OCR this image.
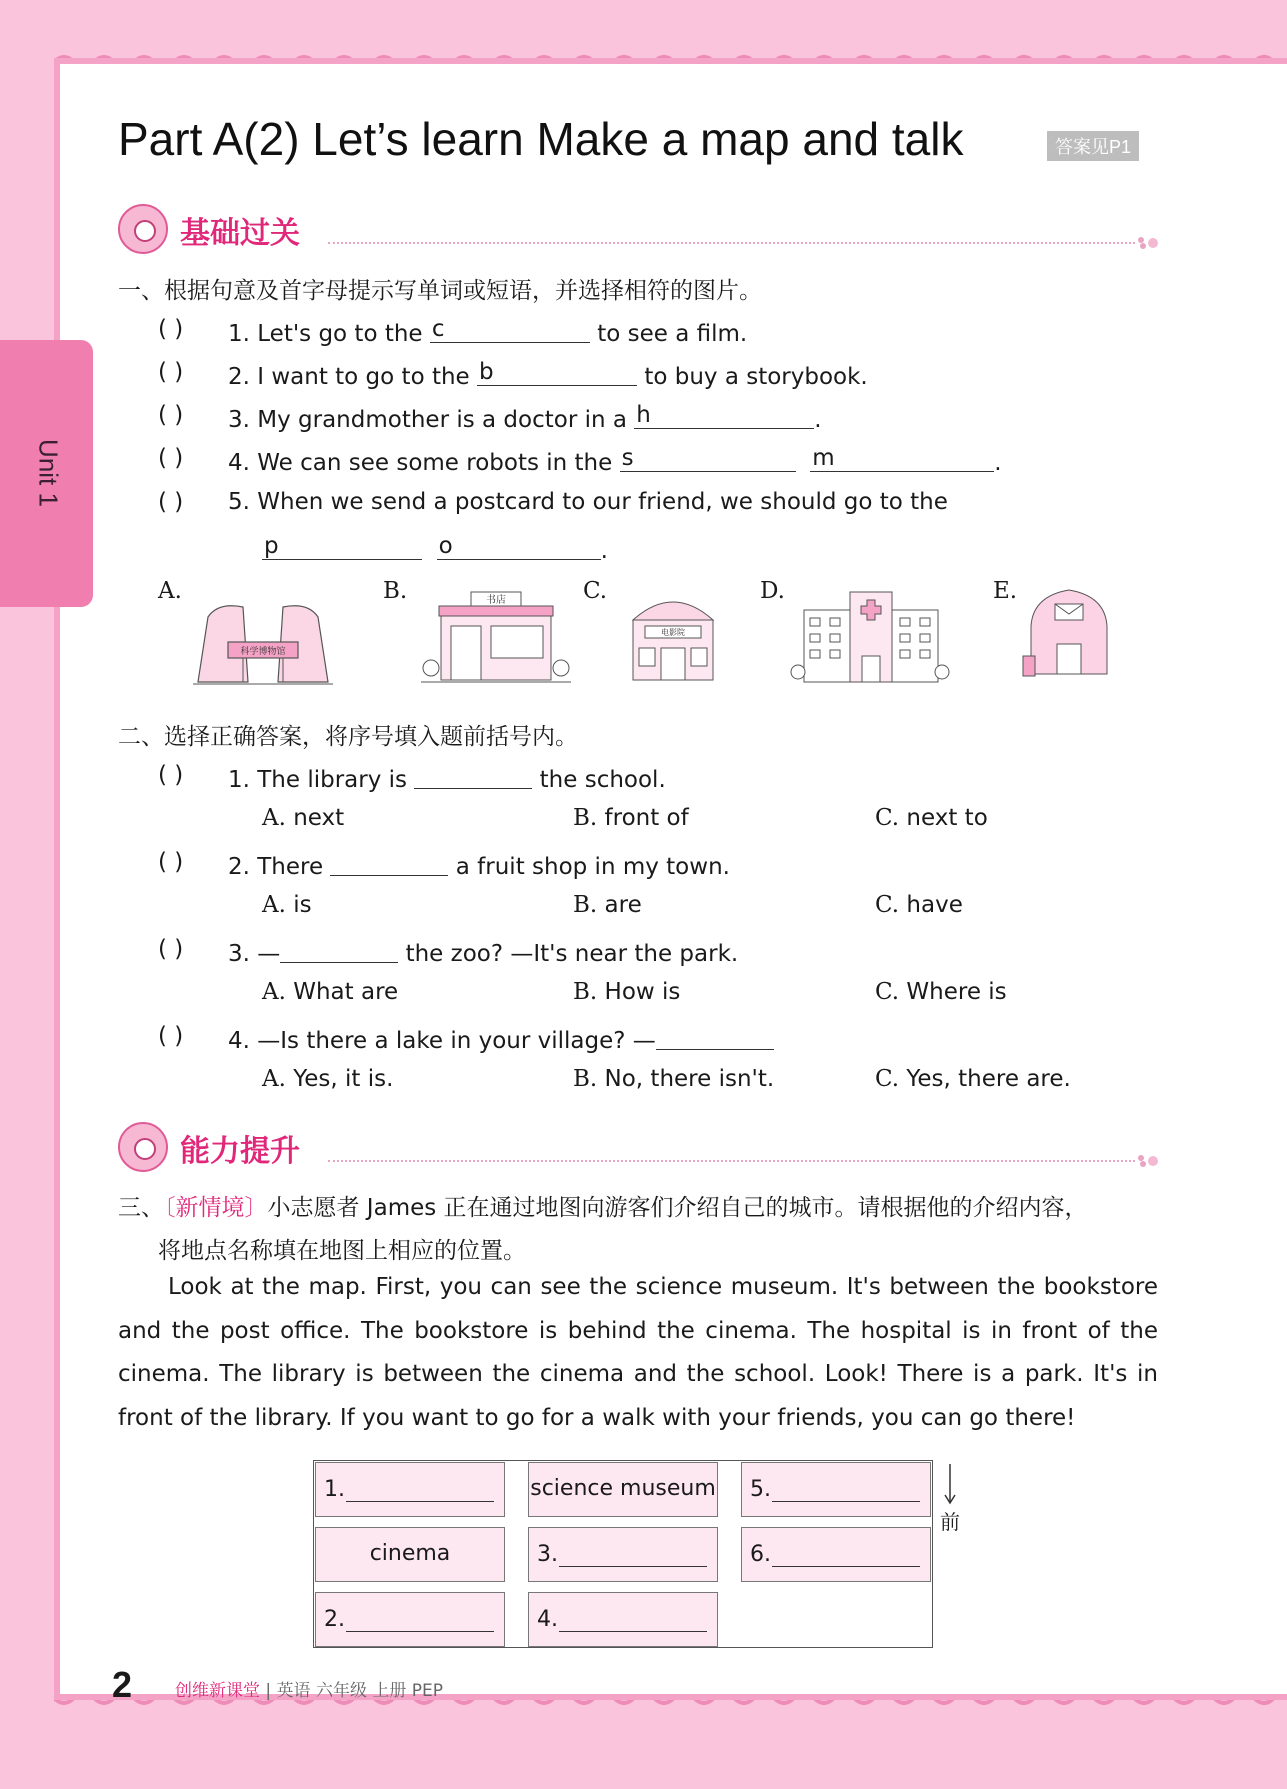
Unit 1
Part A(2) Let’s learn Make a map and talk	答案见P1
基础过关
一、根据句意及首字母提示写单词或短语，并选择相符的图片。
( ) 1. Let's go to the c	to see a film.
( ) 2. I want to go to the b	to buy a storybook.
( ) 3. My grandmother is a doctor in a h	.
( ) 4. We can see some robots in the s
	m	.
( ) 5. When we send a postcard to our friend, we should go to the
p
	o	.
A.
科学博物馆
B.	书店	C.
电影院
D.	E.
二、选择正确答案，将序号填入题前括号内。
( ) 1. The library is	the school.
A. next	B. front of	C. next to
( ) 2. There	a fruit shop in my town.
A. is	B. are	C. have
( ) 3. —	the zoo? —It's near the park.
A. What are	B. How is	C. Where is
( ) 4. —Is there a lake in your village? —
A. Yes, it is.	B. No, there isn't.	C. Yes, there are.
能力提升
三、〔新情境〕小志愿者 James 正在通过地图向游客们介绍自己的城市。请根据他的介绍内容，
将地点名称填在地图上相应的位置。
Look at the map. First, you can see the science museum. It's between the bookstore and the post office. The bookstore is behind the cinema. The hospital is in front of the cinema. The library is between the cinema and the school. Look! There is a park. It's in front of the library. If you want to go for a walk with your friends, you can go there!
1.	science museum 5.
cinema	3.	6.
2.	4.
前
2	创维新课堂 | 英语 六年级 上册 PEP
